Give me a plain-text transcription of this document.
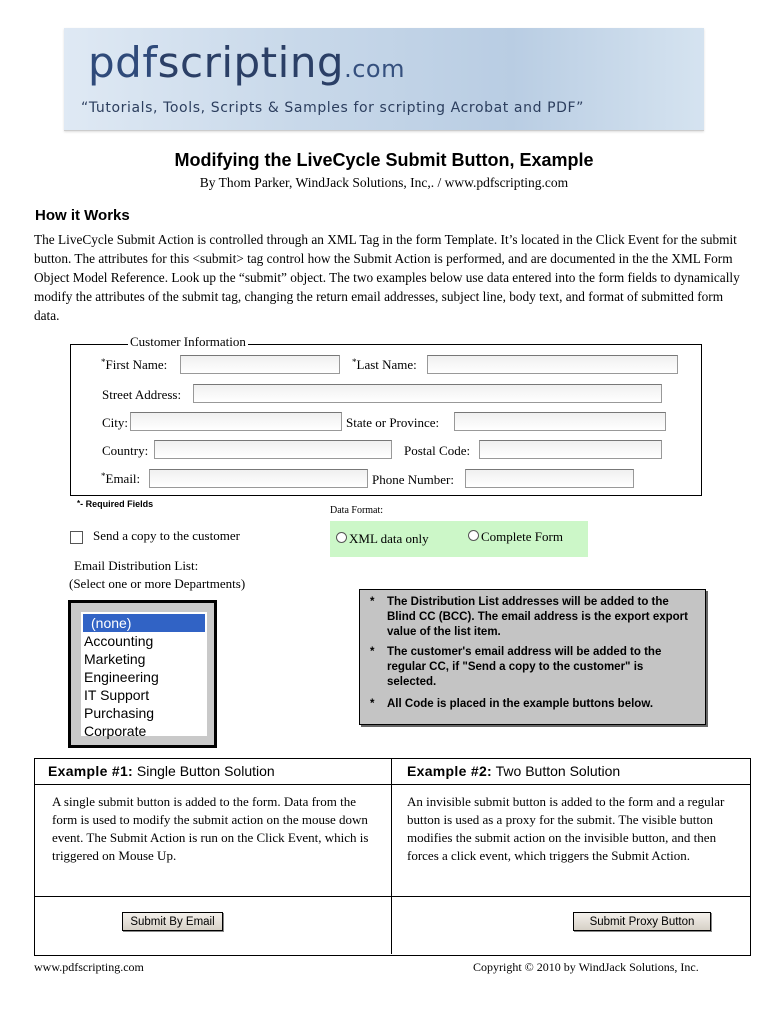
pdfscripting.com
“Tutorials, Tools, Scripts & Samples for scripting Acrobat and PDF”
Modifying the LiveCycle Submit Button, Example
By Thom Parker, WindJack Solutions, Inc,. / www.pdfscripting.com
How it Works
The LiveCycle Submit Action is controlled through an XML Tag in the form Template. It’s located in the Click Event for the submit button. The attributes for this <submit> tag control how the Submit Action is performed, and are documented in the the XML Form Object Model Reference. Look up the “submit” object. The two examples below use data entered into the form fields to dynamically modify the attributes of the submit tag, changing the return email addresses, subject line, body text, and format of submitted form data.
Customer Information
*First Name:	*Last Name:
Street Address:
City:	State or Province:
Country:	Postal Code:
*Email:	Phone Number:
*- Required Fields
Data Format:
XML data only	Complete Form
Send a copy to the customer
Email Distribution List:
(Select one or more Departments)
(none)
Accounting
Marketing
Engineering
IT Support
Purchasing
Corporate
*	The Distribution List addresses will be added to the Blind CC (BCC). The email address is the export export value of the list item.
*	The customer's email address will be added to the regular CC, if "Send a copy to the customer" is selected.
*	All Code is placed in the example buttons below.
Example #1: Single Button Solution	Example #2: Two Button Solution
A single submit button is added to the form. Data from the form is used to modify the submit action on the mouse down event. The Submit Action is run on the Click Event, which is triggered on Mouse Up.
An invisible submit button is added to the form and a regular button is used as a proxy for the submit. The visible button modifies the submit action on the invisible button, and then forces a click event, which triggers the Submit Action.
Submit By Email	Submit Proxy Button
www.pdfscripting.com	Copyright © 2010 by WindJack Solutions, Inc.
